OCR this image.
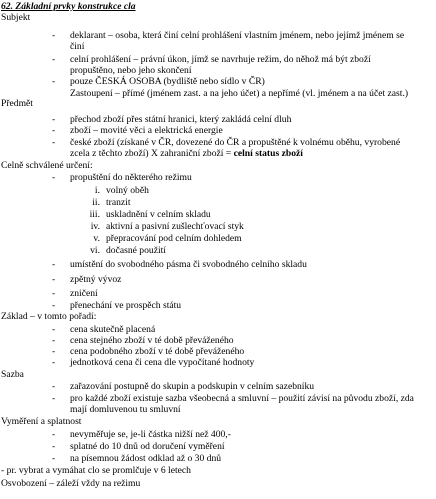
62. Základní prvky konstrukce cla
Subjekt
-	deklarant – osoba, která činí celní prohlášení vlastním jménem, nebo jejímž jménem se činí
-	celní prohlášení – právní úkon, jímž se navrhuje režim, do něhož má být zboží propuštěno, nebo jeho skončení
-	pouze ČESKÁ OSOBA (bydliště nebo sídlo v ČR)
Zastoupení – přímé (jménem zast. a na jeho účet) a nepřímé (vl. jménem a na účet zast.)
Předmět
-	přechod zboží přes státní hranici, který zakládá celní dluh
-	zboží – movité věci a elektrická energie
-	české zboží (získané v ČR, dovezené do ČR a propuštěné k volnému oběhu, vyrobené zcela z těchto zboží) X zahraniční zboží = celní status zboží
Celně schválené určení:
-	propuštění do některého režimu
i. volný oběh
ii. tranzit
iii. uskladnění v celním skladu
iv. aktivní a pasivní zušlechťovací styk
v. přepracování pod celním dohledem
vi. dočasné použití
-	umístění do svobodného pásma či svobodného celního skladu
-	zpětný vývoz
-	zničení
-	přenechání ve prospěch státu
Základ – v tomto pořadí:
-	cena skutečně placená
-	cena stejného zboží v té době převáženého
-	cena podobného zboží v té době převáženého
-	jednotková cena či cena dle vypočítané hodnoty
Sazba
-	zařazování postupně do skupin a podskupin v celním sazebníku
-	pro každé zboží existuje sazba všeobecná a smluvní – použití závisí na původu zboží, zda mají domluvenou tu smluvní
Vyměření a splatnost
-	nevyměřuje se, je-li částka nižší než 400,-
-	splatné do 10 dnů od doručení vyměření
-	na písemnou žádost odklad až o 30 dnů
- pr. vybrat a vymáhat clo se promlčuje v 6 letech
Osvobození – záleží vždy na režimu
